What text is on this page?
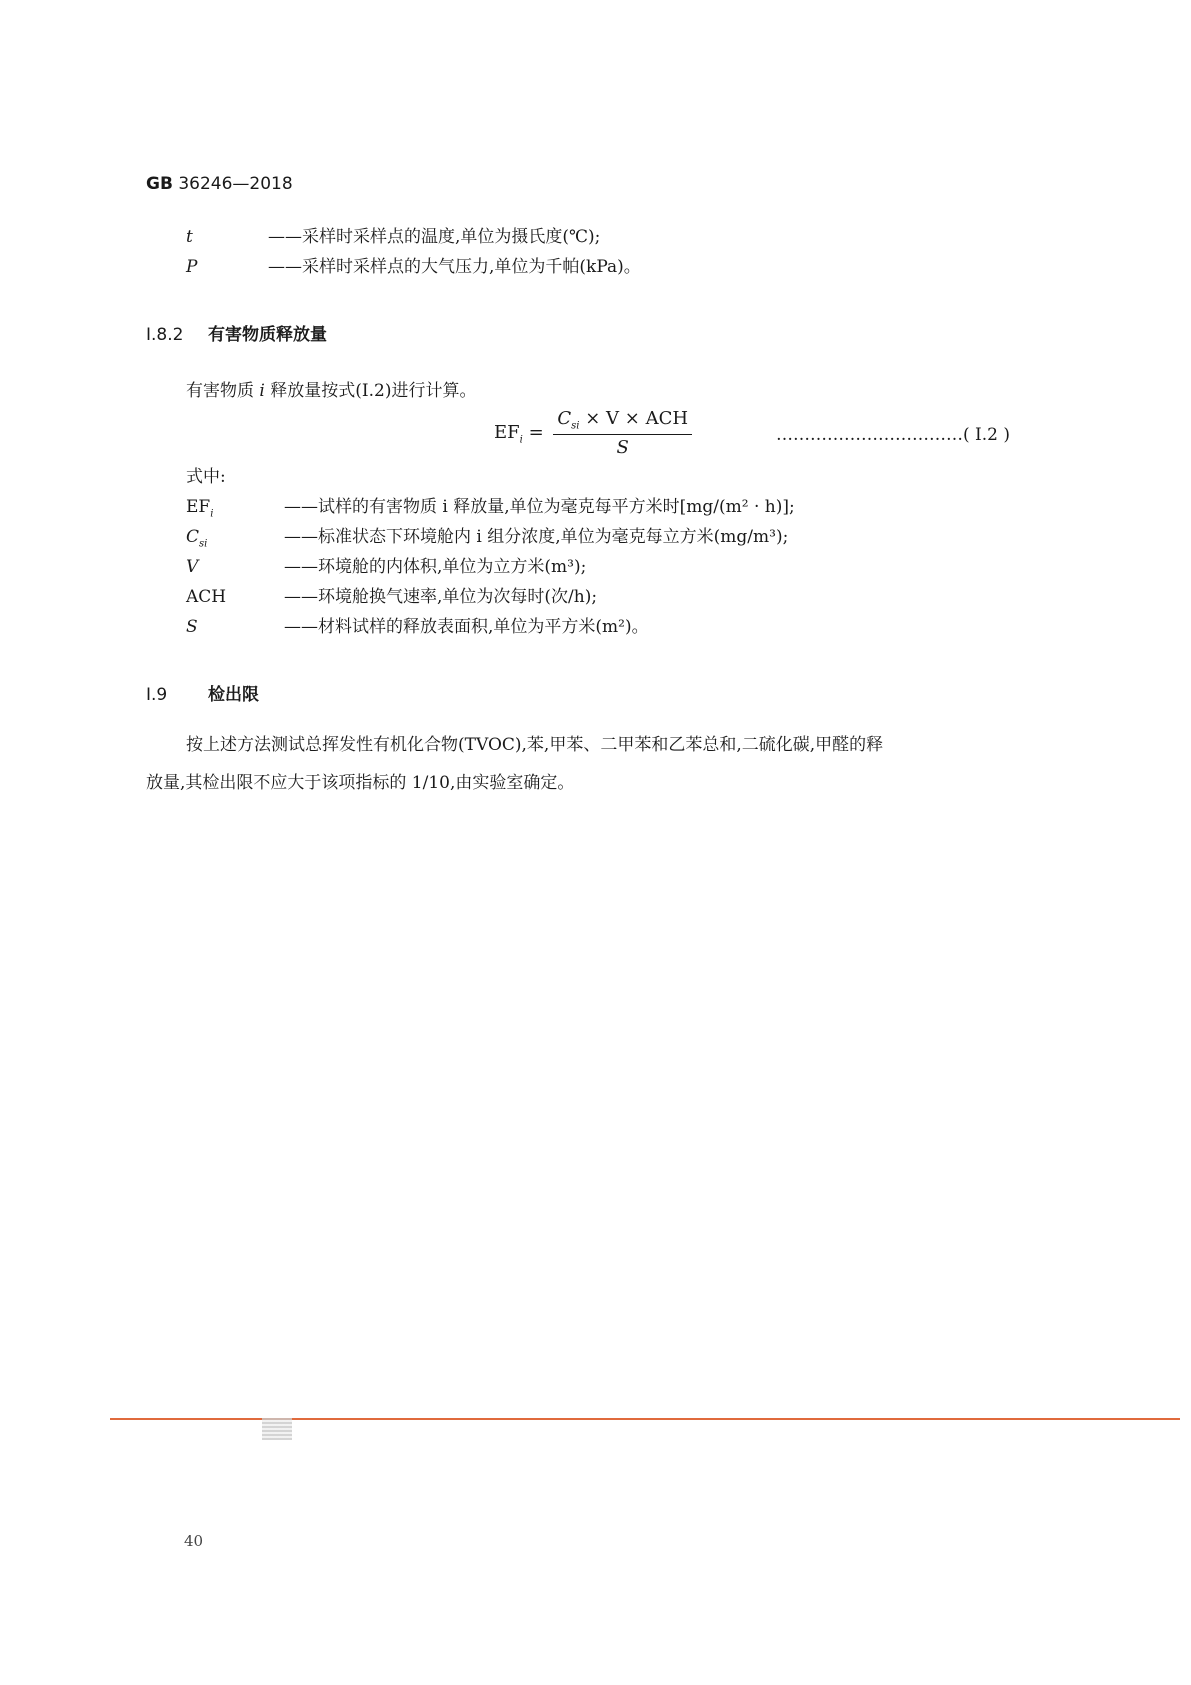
GB 36246—2018
t	——采样时采样点的温度,单位为摄氏度(℃);
P	——采样时采样点的大气压力,单位为千帕(kPa)。
I.8.2 有害物质释放量
有害物质 i 释放量按式(I.2)进行计算。
$EF_i = \frac{C_{si} \times V \times ACH}{S}$	……………………………( I.2 )
式中:
$EF_i$	——试样的有害物质 i 释放量,单位为毫克每平方米时[mg/(m² · h)];
$C_{si}$	——标准状态下环境舱内 i 组分浓度,单位为毫克每立方米(mg/m³);
V	——环境舱的内体积,单位为立方米(m³);
ACH	——环境舱换气速率,单位为次每时(次/h);
S	——材料试样的释放表面积,单位为平方米(m²)。
I.9 检出限
按上述方法测试总挥发性有机化合物(TVOC),苯,甲苯、二甲苯和乙苯总和,二硫化碳,甲醛的释
放量,其检出限不应大于该项指标的 1/10,由实验室确定。
40
